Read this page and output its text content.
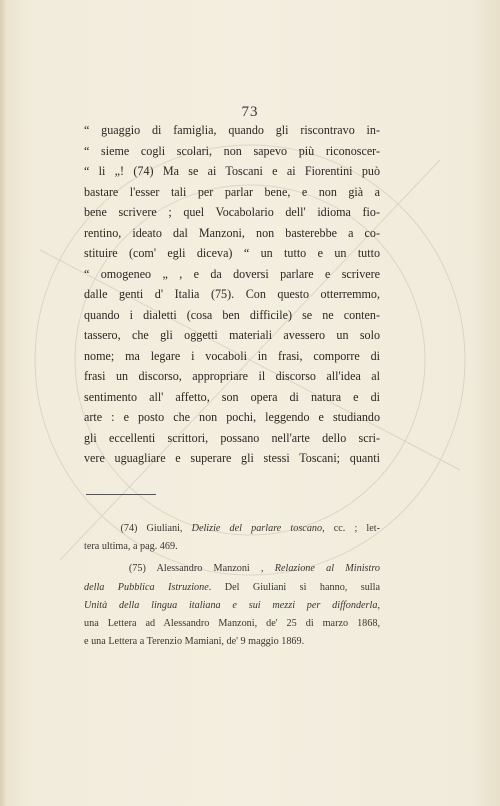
73
“ guaggio di famiglia, quando gli riscontravo in-
“ sieme cogli scolari, non sapevo più riconoscer-
“ li „! (74) Ma se ai Toscani e ai Fiorentini può
bastare l'esser tali per parlar bene, e non già a
bene scrivere ; quel Vocabolario dell' idioma fio-
rentino, ideato dal Manzoni, non basterebbe a co-
stituire (com' egli diceva) “ un tutto e un tutto
“ omogeneo „ , e da doversi parlare e scrivere
dalle genti d' Italia (75). Con questo otterremmo,
quando i dialetti (cosa ben difficile) se ne conten-
tassero, che gli oggetti materiali avessero un solo
nome; ma legare i vocaboli in frasi, comporre di
frasi un discorso, appropriare il discorso all'idea al
sentimento all' affetto, son opera di natura e di
arte : e posto che non pochi, leggendo e studiando
gli eccellenti scrittori, possano nell'arte dello scri-
vere uguagliare e superare gli stessi Toscani; quanti
(74) Giuliani, Delizie del parlare toscano, cc. ; let-
tera ultima, a pag. 469.
(75) Alessandro Manzoni , Relazione al Ministro
della Pubblica Istruzione. Del Giuliani si hanno, sulla
Unità della lingua italiana e sui mezzi per diffonderla,
una Lettera ad Alessandro Manzoni, de' 25 di marzo 1868,
e una Lettera a Terenzio Mamiani, de' 9 maggio 1869.
